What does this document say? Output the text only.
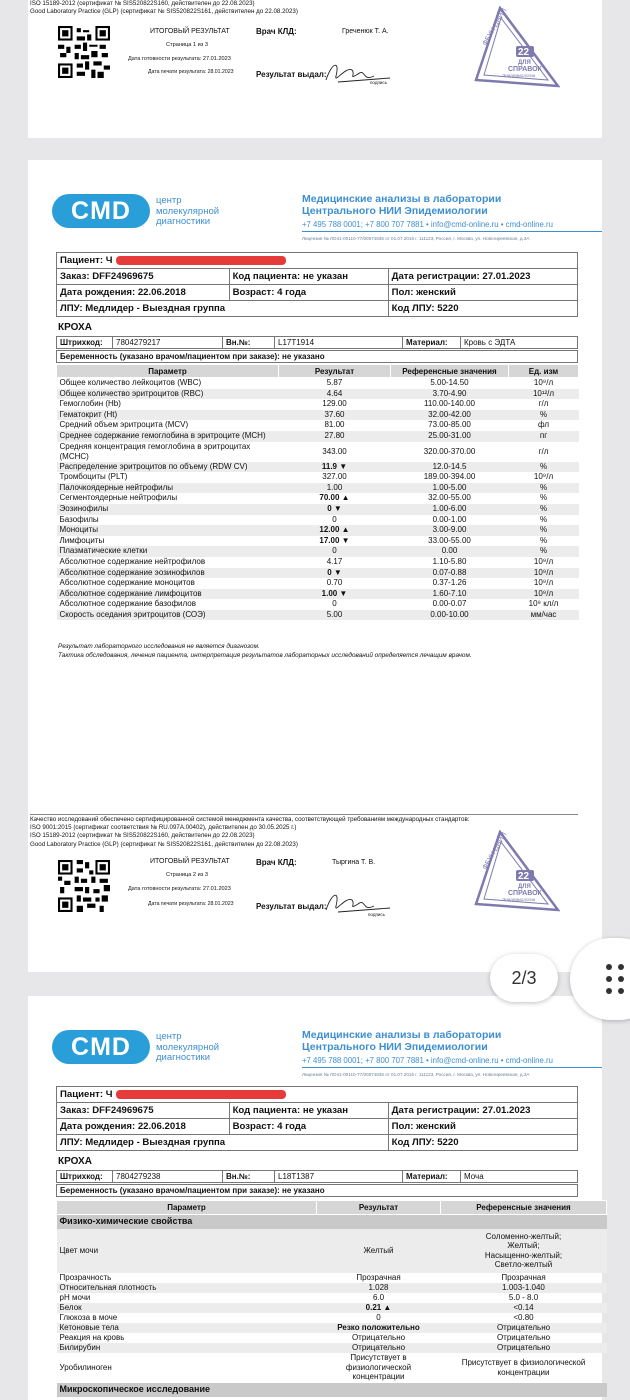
ISO 15189-2012 (сертификат № SIS520822S160, действителен до 22.08.2023)
Good Laboratory Practice (GLP) (сертификат № SIS520822S161, действителен до 22.08.2023)
ИТОГОВЫЙ РЕЗУЛЬТАТ
Страница 1 из 3
Дата готовности результата: 27.01.2023
Дата печати результата: 28.01.2023
Врач КЛД:	Греченюк Т. А.
Результат выдал:
подпись
ФБУН ЦНИИ
22
ДЛЯ
СПРАВОК
Эпидемиологии
CMD	центр
молекулярной
диагностики
Медицинские анализы в лаборатории
Центрального НИИ Эпидемиологии
+7 495 788 0001; +7 800 707 7881 • info@cmd-online.ru • cmd-online.ru
Лицензия № ЛО41-00110-77/00574836 от 01.07.2016 г. 111123, Россия, г. Москва, ул. Новогиреевская, д.3А
Пациент: Ч		
Заказ: DFF24969675	Код пациента: не указан	Дата регистрации: 27.01.2023
Дата рождения: 22.06.2018	Возраст: 4 года	Пол: женский
ЛПУ: Медлидер - Выездная группа		Код ЛПУ: 5220
КРОХА
Штрихкод:	7804279217	Вн.№:	L17T1914	Материал:	Кровь с ЭДТА
Беременность (указано врачом/пациентом при заказе): не указано
Параметр	Результат	Референсные значения	Ед. изм
Общее количество лейкоцитов (WBC)	5.87	5.00-14.50	10⁹/л
Общее количество эритроцитов (RBC)	4.64	3.70-4.90	10¹²/л
Гемоглобин (Hb)	129.00	110.00-140.00	г/л
Гематокрит (Ht)	37.60	32.00-42.00	%
Средний объем эритроцита (MCV)	81.00	73.00-85.00	фл
Среднее содержание гемоглобина в эритроците (MCH)	27.80	25.00-31.00	пг
Средняя концентрация гемоглобина в эритроцитах (MCHC)	343.00	320.00-370.00	г/л
Распределение эритроцитов по объему (RDW CV)	11.9 ▼	12.0-14.5	%
Тромбоциты (PLT)	327.00	189.00-394.00	10⁹/л
Палочкоядерные нейтрофилы	1.00	1.00-5.00	%
Сегментоядерные нейтрофилы	70.00 ▲	32.00-55.00	%
Эозинофилы	0 ▼	1.00-6.00	%
Базофилы	0	0.00-1.00	%
Моноциты	12.00 ▲	3.00-9.00	%
Лимфоциты	17.00 ▼	33.00-55.00	%
Плазматические клетки	0	0.00	%
Абсолютное содержание нейтрофилов	4.17	1.10-5.80	10⁹/л
Абсолютное содержание эозинофилов	0 ▼	0.07-0.88	10⁹/л
Абсолютное содержание моноцитов	0.70	0.37-1.26	10⁹/л
Абсолютное содержание лимфоцитов	1.00 ▼	1.60-7.10	10⁹/л
Абсолютное содержание базофилов	0	0.00-0.07	10⁹ кл/л
Скорость оседания эритроцитов (СОЭ)	5.00	0.00-10.00	мм/час
Результат лабораторного исследования не является диагнозом.
Тактика обследования, лечения пациента, интерпретация результатов лабораторных исследований определяется лечащим врачом.
Качество исследований обеспечено сертифицированной системой менеджмента качества, соответствующей требованиям международных стандартов:
ISO 9001:2015 (сертификат соответствия № RU.097А.00402), действителен до 30.05.2025 г.)
ISO 15189-2012 (сертификат № SIS520822S160, действителен до 22.08.2023)
Good Laboratory Practice (GLP) (сертификат № SIS520822S161, действителен до 22.08.2023)
ИТОГОВЫЙ РЕЗУЛЬТАТ
Страница 2 из 3
Дата готовности результата: 27.01.2023
Дата печати результата: 28.01.2023
Врач КЛД:	Тыргина Т. В.
Результат выдал:
подпись
ФБУН ЦНИИ
22
ДЛЯ
СПРАВОК
Эпидемиологии
CMD	центр
молекулярной
диагностики
Медицинские анализы в лаборатории
Центрального НИИ Эпидемиологии
+7 495 788 0001; +7 800 707 7881 • info@cmd-online.ru • cmd-online.ru
Лицензия № ЛО41-00110-77/00574836 от 01.07.2016 г. 111123, Россия, г. Москва, ул. Новогиреевская, д.3А
Пациент: Ч		
Заказ: DFF24969675	Код пациента: не указан	Дата регистрации: 27.01.2023
Дата рождения: 22.06.2018	Возраст: 4 года	Пол: женский
ЛПУ: Медлидер - Выездная группа		Код ЛПУ: 5220
КРОХА
Штрихкод:	7804279238	Вн.№:	L18T1387	Материал:	Моча
Беременность (указано врачом/пациентом при заказе): не указано
Параметр	Результат	Референсные значения
Физико-химические свойства		
Цвет мочи	Желтый	Соломенно-желтый;
Желтый;
Насыщенно-желтый;
Светло-желтый
Прозрачность	Прозрачная	Прозрачная
Относительная плотность	1.028	1.003-1.040
pH мочи	6.0	5.0 - 8.0
Белок	0.21 ▲	<0.14
Глюкоза в моче	0	<0.80
Кетоновые тела	Резко положительно	Отрицательно
Реакция на кровь	Отрицательно	Отрицательно
Билирубин	Отрицательно	Отрицательно
Уробилиноген	Присутствует в
физиологической
концентрации	Присутствует в физиологической
концентрации
Микроскопическое исследование		
2/3
